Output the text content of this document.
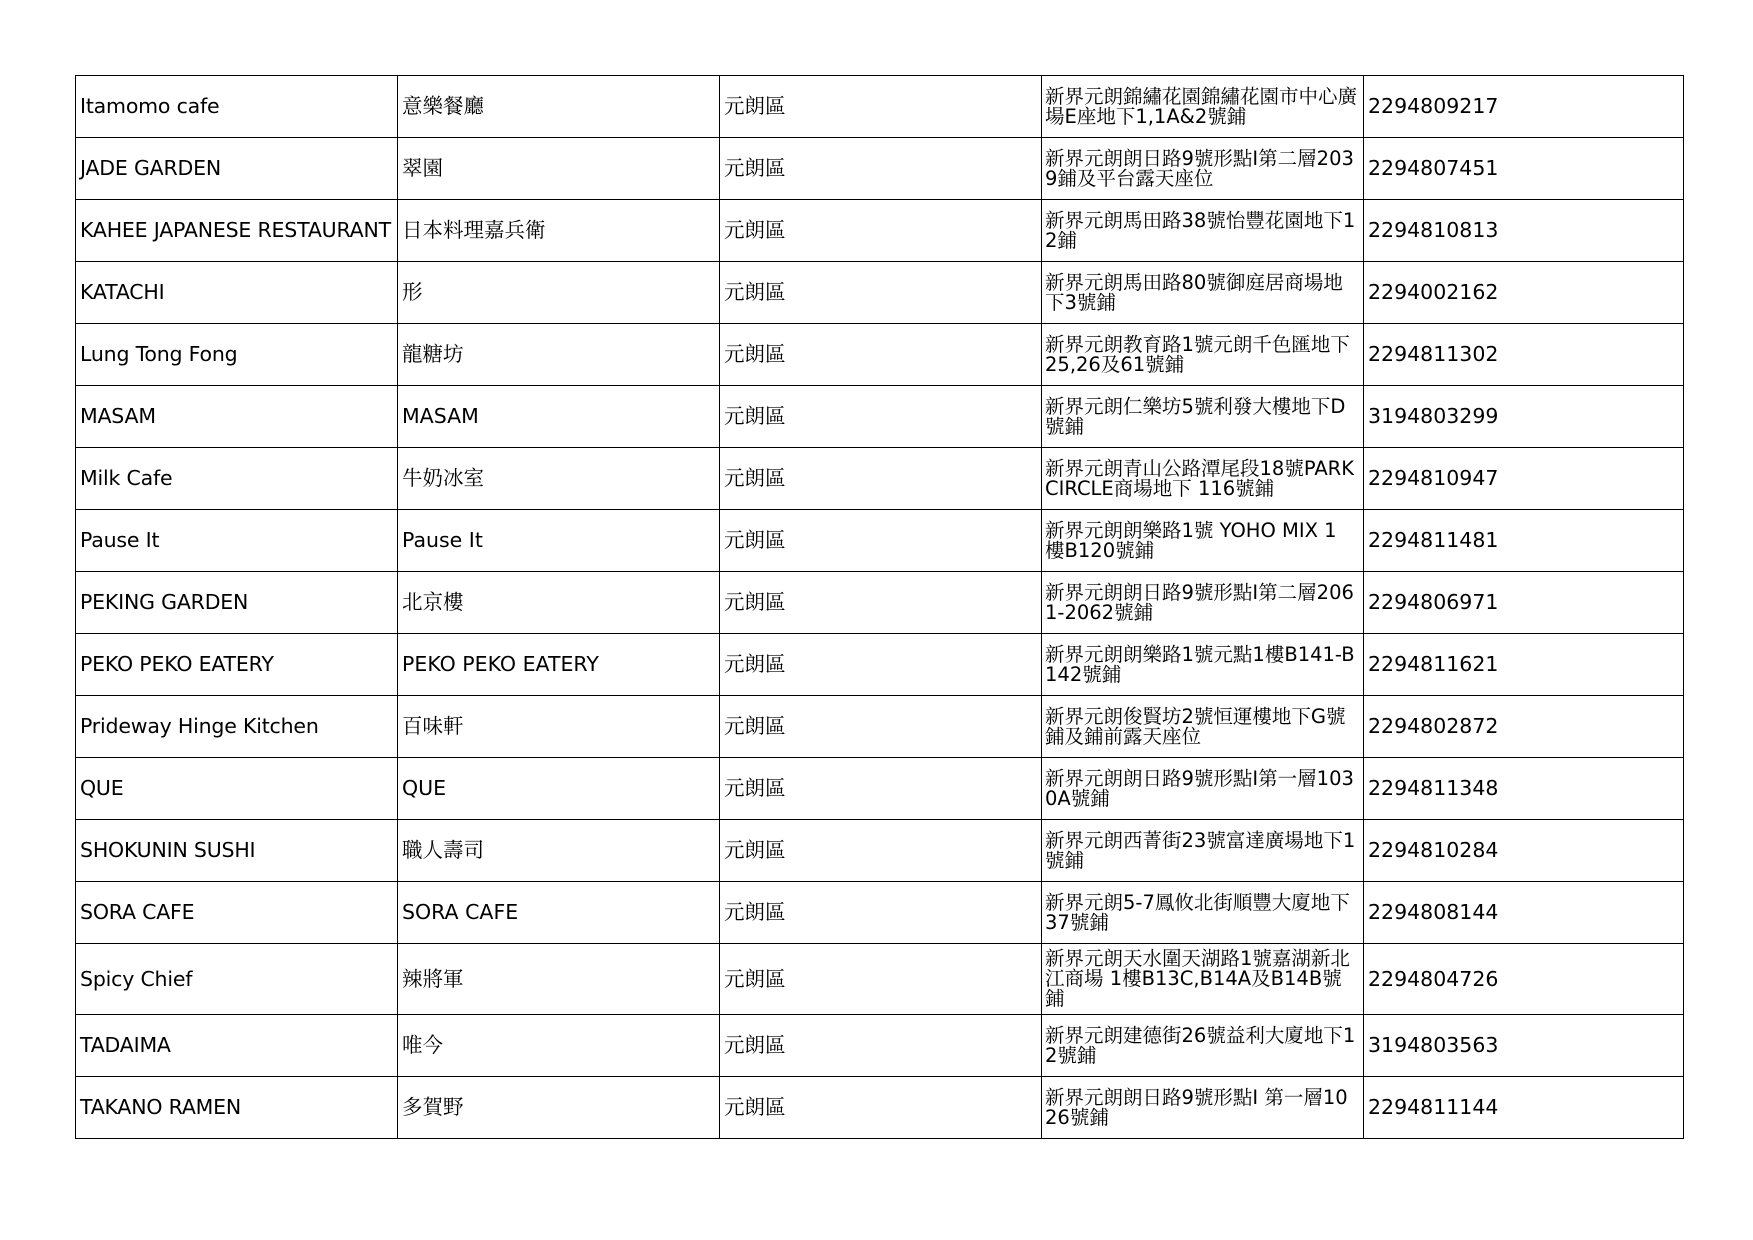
Itamomo cafe	意樂餐廳	元朗區	新界元朗錦繡花園錦繡花園市中心廣場E座地下1,1A&2號鋪	2294809217
JADE GARDEN	翠園	元朗區	新界元朗朗日路9號形點I第二層2039鋪及平台露天座位	2294807451
KAHEE JAPANESE RESTAURANT	日本料理嘉兵衛	元朗區	新界元朗馬田路38號怡豐花園地下12鋪	2294810813
KATACHI	形	元朗區	新界元朗馬田路80號御庭居商場地下3號鋪	2294002162
Lung Tong Fong	龍糖坊	元朗區	新界元朗教育路1號元朗千色匯地下25,26及61號鋪	2294811302
MASAM	MASAM	元朗區	新界元朗仁樂坊5號利發大樓地下D號鋪	3194803299
Milk Cafe	牛奶冰室	元朗區	新界元朗青山公路潭尾段18號PARK CIRCLE商場地下 116號鋪	2294810947
Pause It	Pause It	元朗區	新界元朗朗樂路1號 YOHO MIX 1 樓B120號鋪	2294811481
PEKING GARDEN	北京樓	元朗區	新界元朗朗日路9號形點I第二層2061-2062號鋪	2294806971
PEKO PEKO EATERY	PEKO PEKO EATERY	元朗區	新界元朗朗樂路1號元點1樓B141-B142號鋪	2294811621
Prideway Hinge Kitchen	百味軒	元朗區	新界元朗俊賢坊2號恒運樓地下G號鋪及鋪前露天座位	2294802872
QUE	QUE	元朗區	新界元朗朗日路9號形點I第一層1030A號鋪	2294811348
SHOKUNIN SUSHI	職人壽司	元朗區	新界元朗西菁街23號富達廣場地下1號鋪	2294810284
SORA CAFE	SORA CAFE	元朗區	新界元朗5-7鳳攸北街順豐大廈地下37號鋪	2294808144
Spicy Chief	辣將軍	元朗區	新界元朗天水圍天湖路1號嘉湖新北江商場 1樓B13C,B14A及B14B號鋪	2294804726
TADAIMA	唯今	元朗區	新界元朗建德街26號益利大廈地下12號鋪	3194803563
TAKANO RAMEN	多賀野	元朗區	新界元朗朗日路9號形點I 第一層1026號鋪	2294811144
